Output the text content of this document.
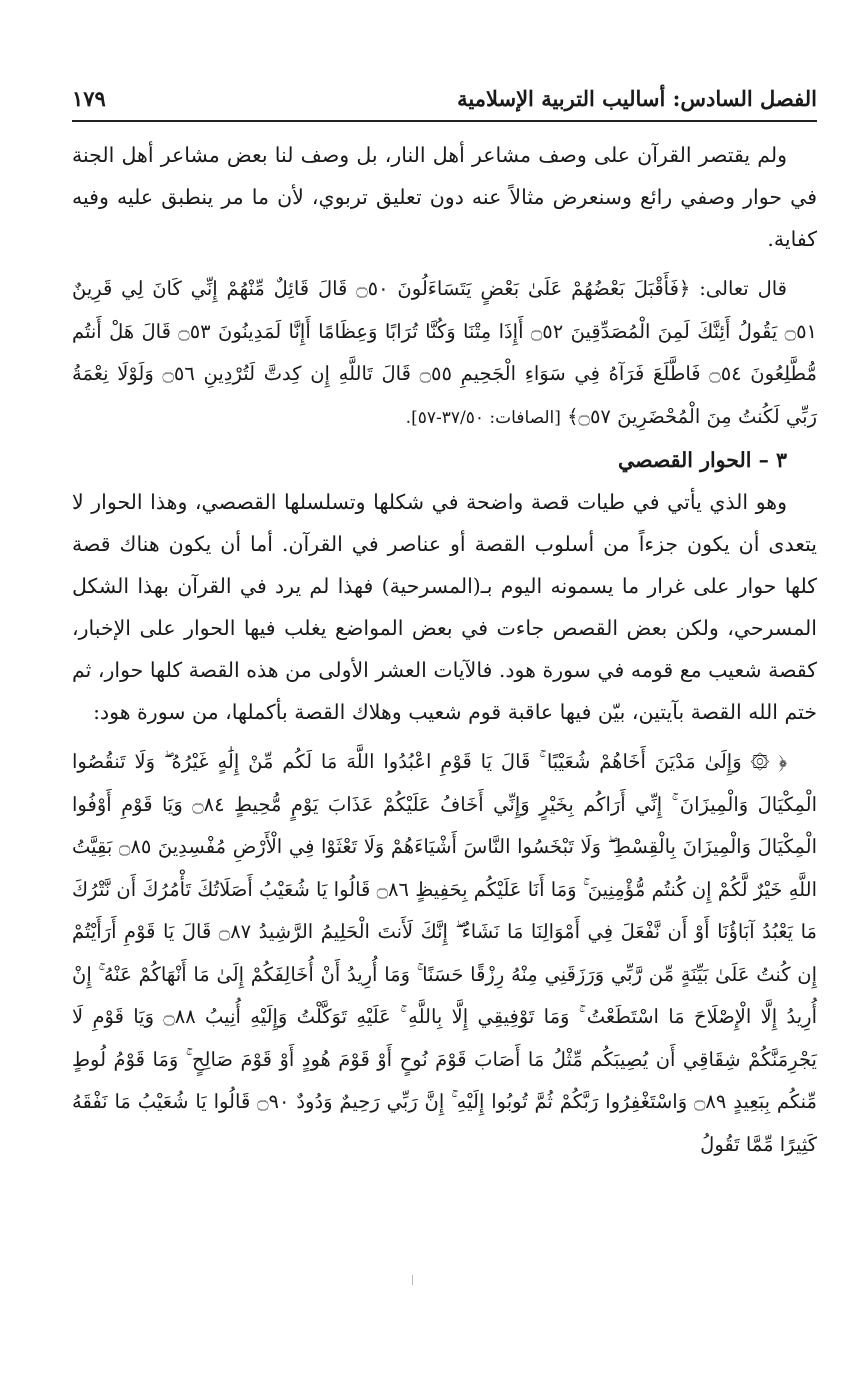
الفصل السادس: أساليب التربية الإسلامية
١٧٩

ولم يقتصر القرآن على وصف مشاعر أهل النار، بل وصف لنا بعض مشاعر أهل الجنة في حوار وصفي رائع وسنعرض مثالاً عنه دون تعليق تربوي، لأن ما مر ينطبق عليه وفيه كفاية.

قال تعالى: ﴿فَأَقْبَلَ بَعْضُهُمْ عَلَىٰ بَعْضٍ يَتَسَاءَلُونَ ۝٥٠ قَالَ قَائِلٌ مِّنْهُمْ إِنِّي كَانَ لِي قَرِينٌ ۝٥١ يَقُولُ أَئِنَّكَ لَمِنَ الْمُصَدِّقِينَ ۝٥٢ أَإِذَا مِتْنَا وَكُنَّا تُرَابًا وَعِظَامًا أَإِنَّا لَمَدِينُونَ ۝٥٣ قَالَ هَلْ أَنتُم مُّطَّلِعُونَ ۝٥٤ فَاطَّلَعَ فَرَآهُ فِي سَوَاءِ الْجَحِيمِ ۝٥٥ قَالَ تَاللَّهِ إِن كِدتَّ لَتُرْدِينِ ۝٥٦ وَلَوْلَا نِعْمَةُ رَبِّي لَكُنتُ مِنَ الْمُحْضَرِينَ ۝٥٧﴾ [الصافات: ٣٧/٥٠-٥٧].

٣ – الحوار القصصي

وهو الذي يأتي في طيات قصة واضحة في شكلها وتسلسلها القصصي، وهذا الحوار لا يتعدى أن يكون جزءاً من أسلوب القصة أو عناصر في القرآن. أما أن يكون هناك قصة كلها حوار على غرار ما يسمونه اليوم بـ(المسرحية) فهذا لم يرد في القرآن بهذا الشكل المسرحي، ولكن بعض القصص جاءت في بعض المواضع يغلب فيها الحوار على الإخبار، كقصة شعيب مع قومه في سورة هود. فالآيات العشر الأولى من هذه القصة كلها حوار، ثم ختم الله القصة بآيتين، بيّن فيها عاقبة قوم شعيب وهلاك القصة بأكملها، من سورة هود:

﴿ ۞ وَإِلَىٰ مَدْيَنَ أَخَاهُمْ شُعَيْبًا ۚ قَالَ يَا قَوْمِ اعْبُدُوا اللَّهَ مَا لَكُم مِّنْ إِلَٰهٍ غَيْرُهُ ۖ وَلَا تَنقُصُوا الْمِكْيَالَ وَالْمِيزَانَ ۚ إِنِّي أَرَاكُم بِخَيْرٍ وَإِنِّي أَخَافُ عَلَيْكُمْ عَذَابَ يَوْمٍ مُّحِيطٍ ۝٨٤ وَيَا قَوْمِ أَوْفُوا الْمِكْيَالَ وَالْمِيزَانَ بِالْقِسْطِ ۖ وَلَا تَبْخَسُوا النَّاسَ أَشْيَاءَهُمْ وَلَا تَعْثَوْا فِي الْأَرْضِ مُفْسِدِينَ ۝٨٥ بَقِيَّتُ اللَّهِ خَيْرٌ لَّكُمْ إِن كُنتُم مُّؤْمِنِينَ ۚ وَمَا أَنَا عَلَيْكُم بِحَفِيظٍ ۝٨٦ قَالُوا يَا شُعَيْبُ أَصَلَاتُكَ تَأْمُرُكَ أَن نَّتْرُكَ مَا يَعْبُدُ آبَاؤُنَا أَوْ أَن نَّفْعَلَ فِي أَمْوَالِنَا مَا نَشَاءُ ۖ إِنَّكَ لَأَنتَ الْحَلِيمُ الرَّشِيدُ ۝٨٧ قَالَ يَا قَوْمِ أَرَأَيْتُمْ إِن كُنتُ عَلَىٰ بَيِّنَةٍ مِّن رَّبِّي وَرَزَقَنِي مِنْهُ رِزْقًا حَسَنًا ۚ وَمَا أُرِيدُ أَنْ أُخَالِفَكُمْ إِلَىٰ مَا أَنْهَاكُمْ عَنْهُ ۚ إِنْ أُرِيدُ إِلَّا الْإِصْلَاحَ مَا اسْتَطَعْتُ ۚ وَمَا تَوْفِيقِي إِلَّا بِاللَّهِ ۚ عَلَيْهِ تَوَكَّلْتُ وَإِلَيْهِ أُنِيبُ ۝٨٨ وَيَا قَوْمِ لَا يَجْرِمَنَّكُمْ شِقَاقِي أَن يُصِيبَكُم مِّثْلُ مَا أَصَابَ قَوْمَ نُوحٍ أَوْ قَوْمَ هُودٍ أَوْ قَوْمَ صَالِحٍ ۚ وَمَا قَوْمُ لُوطٍ مِّنكُم بِبَعِيدٍ ۝٨٩ وَاسْتَغْفِرُوا رَبَّكُمْ ثُمَّ تُوبُوا إِلَيْهِ ۚ إِنَّ رَبِّي رَحِيمٌ وَدُودٌ ۝٩٠ قَالُوا يَا شُعَيْبُ مَا نَفْقَهُ كَثِيرًا مِّمَّا تَقُولُ
